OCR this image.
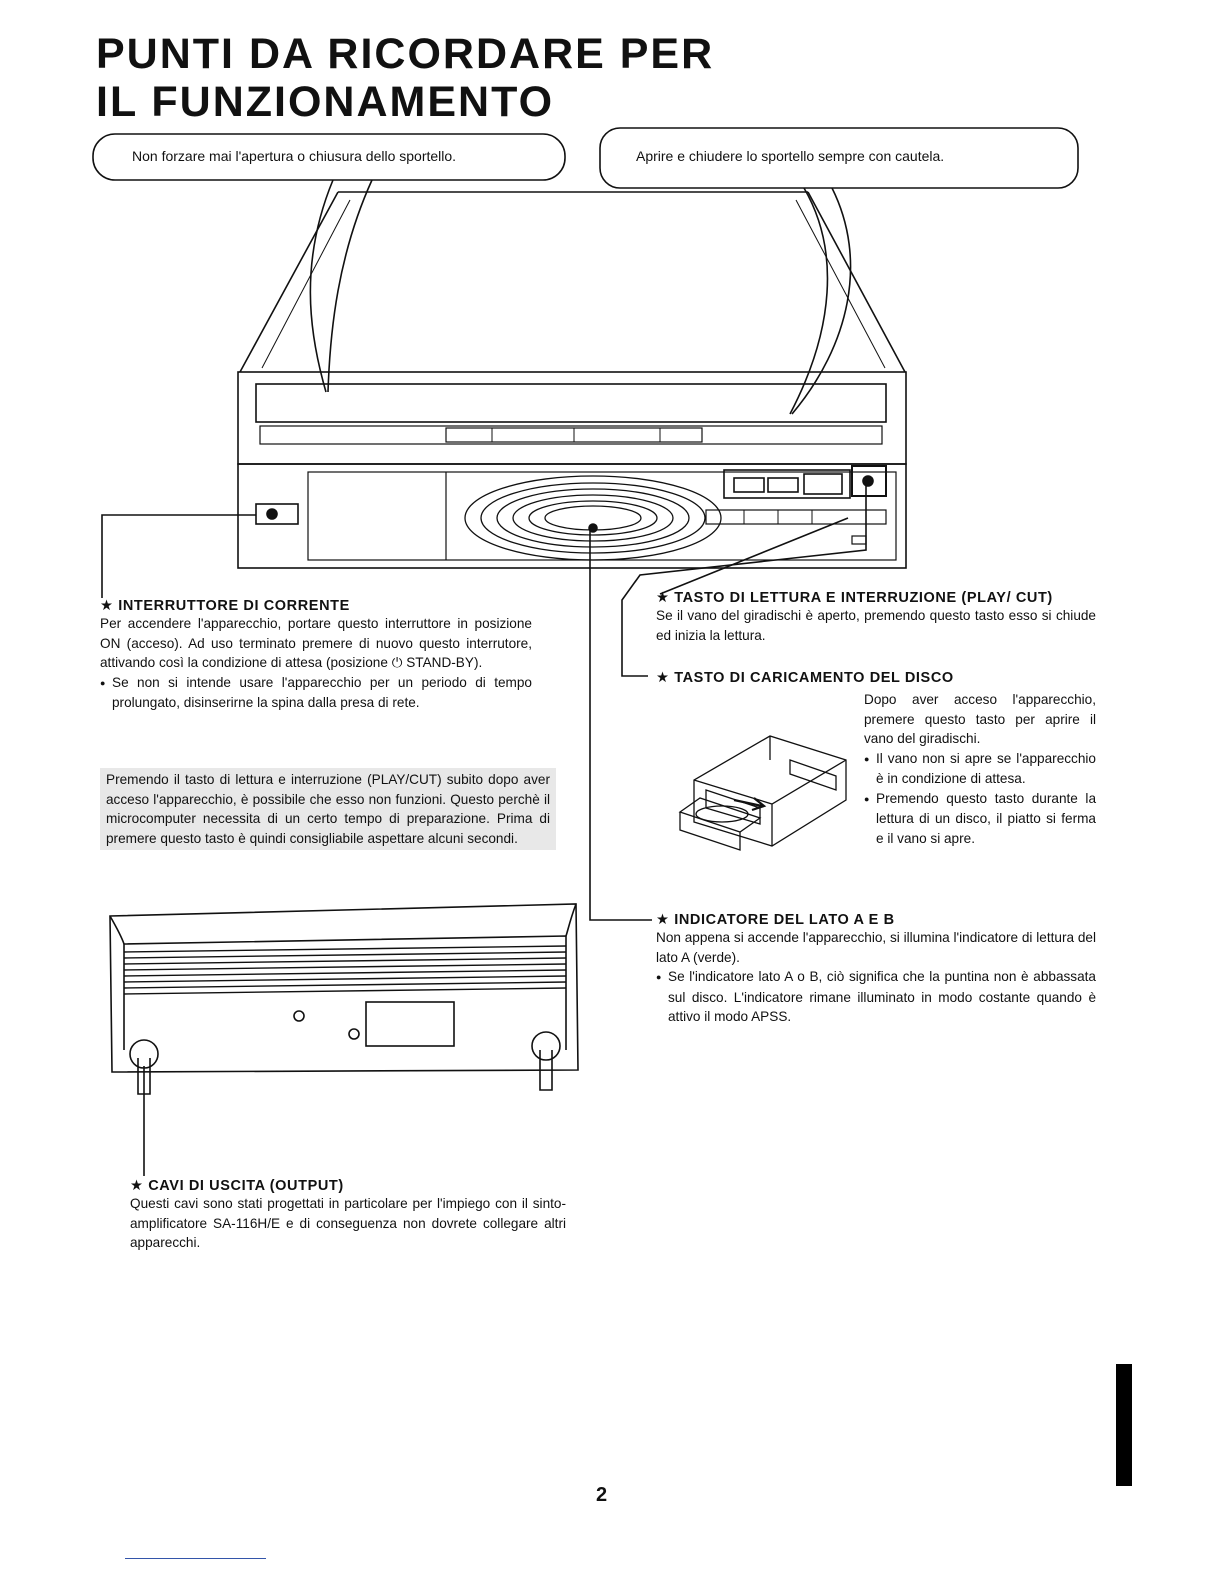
PUNTI DA RICORDARE PER
IL FUNZIONAMENTO
Non forzare mai l'apertura o chiusura dello sportello.	Aprire e chiudere lo sportello sempre con cautela.

★ INTERRUTTORE DI CORRENTE

Per accendere l'apparecchio, portare questo interruttore in posizione ON (acceso). Ad uso terminato premere di nuovo questo interrutore, attivando così la condizione di attesa (posizione ⏻ STAND-BY).

● Se non si intende usare l'apparecchio per un periodo di tempo prolungato, disinserirne la spina dalla presa di rete.

Premendo il tasto di lettura e interruzione (PLAY/CUT) subito dopo aver acceso l'apparecchio, è possibile che esso non funzioni. Questo perchè il microcomputer necessita di un certo tempo di preparazione. Prima di premere questo tasto è quindi consigliabile aspettare alcuni secondi.

★ TASTO DI LETTURA E INTERRUZIONE (PLAY/ CUT)

Se il vano del giradischi è aperto, premendo questo tasto esso si chiude ed inizia la lettura.

★ TASTO DI CARICAMENTO DEL DISCO

Dopo aver acceso l'apparecchio, premere questo tasto per aprire il vano del giradischi.

● Il vano non si apre se l'apparecchio è in condizione di attesa.

● Premendo questo tasto durante la lettura di un disco, il piatto si ferma e il vano si apre.

★ INDICATORE DEL LATO A E B

Non appena si accende l'apparecchio, si illumina l'indicatore di lettura del lato A (verde).

● Se l'indicatore lato A o B, ciò significa che la puntina non è abbassata sul disco. L'indicatore rimane illuminato in modo costante quando è attivo il modo APSS.

★ CAVI DI USCITA (OUTPUT)

Questi cavi sono stati progettati in particolare per l'impiego con il sinto-amplificatore SA-116H/E e di conseguenza non dovrete collegare altri apparecchi.

2
